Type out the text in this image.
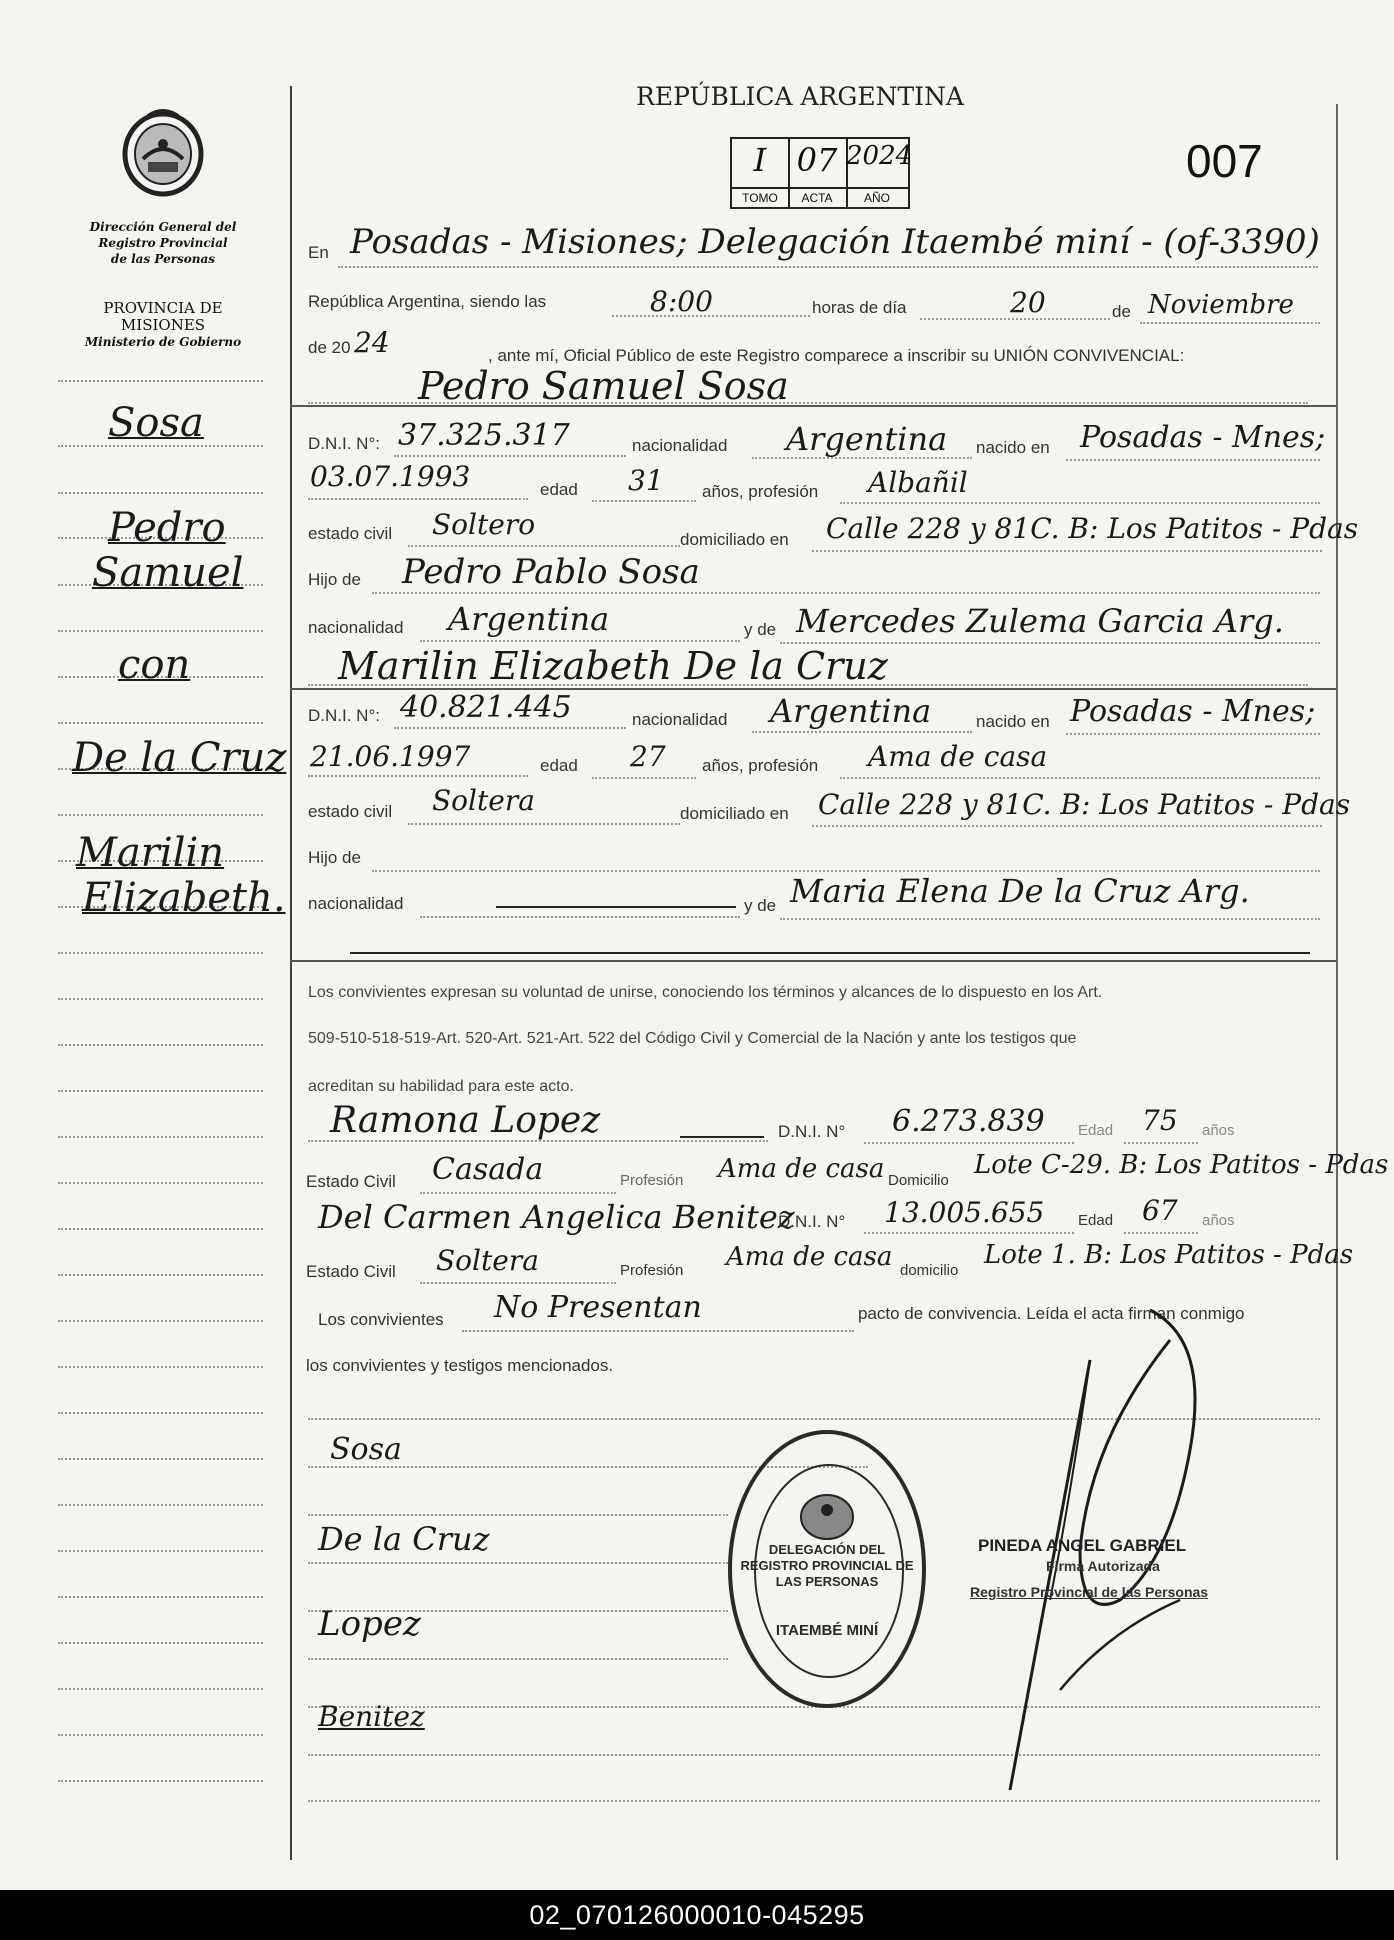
Dirección General del
Registro Provincial
de las Personas
PROVINCIA DE
MISIONES
Ministerio de Gobierno
Sosa
Pedro
Samuel
con
De la Cruz
Marilin
Elizabeth.
REPÚBLICA ARGENTINA
007
I
TOMO
07
ACTA
2024
AÑO
En Posadas - Misiones; Delegación Itaembé miní - (of-3390)
República Argentina, siendo las	8:00	horas de día	20	de Noviembre
de 20 24	, ante mí, Oficial Público de este Registro comparece a inscribir su UNIÓN CONVIVENCIAL:
Pedro Samuel Sosa
D.N.I. N°: 37.325.317	nacionalidad Argentina nacido en Posadas - Mnes;
03.07.1993	edad 31 años, profesión Albañil
estado civil Soltero	domiciliado en Calle 228 y 81C. B: Los Patitos - Pdas
Hijo de Pedro Pablo Sosa
nacionalidad Argentina	y de Mercedes Zulema Garcia Arg.
Marilin Elizabeth De la Cruz
D.N.I. N°: 40.821.445	nacionalidad Argentina	nacido en Posadas - Mnes;
21.06.1997	edad 27 años, profesión Ama de casa
estado civil Soltera	domiciliado en Calle 228 y 81C. B: Los Patitos - Pdas
Hijo de
nacionalidad	y de Maria Elena De la Cruz Arg.
Los convivientes expresan su voluntad de unirse, conociendo los términos y alcances de lo dispuesto en los Art.
509-510-518-519-Art. 520-Art. 521-Art. 522 del Código Civil y Comercial de la Nación y ante los testigos que
acreditan su habilidad para este acto.
Ramona Lopez	D.N.I. N° 6.273.839 Edad 75 años
Estado Civil Casada	Profesión Ama de casa Domicilio
Lote C-29. B: Los Patitos - Pdas
Del Carmen Angelica Benitez
D.N.I. N° 13.005.655 Edad 67 años
Estado Civil Soltera	Profesión Ama de casa domicilio
Lote 1. B: Los Patitos - Pdas
Los convivientes No Presentan	pacto de convivencia. Leída el acta firman conmigo
los convivientes y testigos mencionados.
Sosa
De la Cruz
Lopez
Benitez
DELEGACIÓN DEL REGISTRO PROVINCIAL DE LAS PERSONAS
ITAEMBÉ MINÍ
PINEDA ANGEL GABRIEL
Firma Autorizada
Registro Provincial de las Personas
02_070126000010-045295
